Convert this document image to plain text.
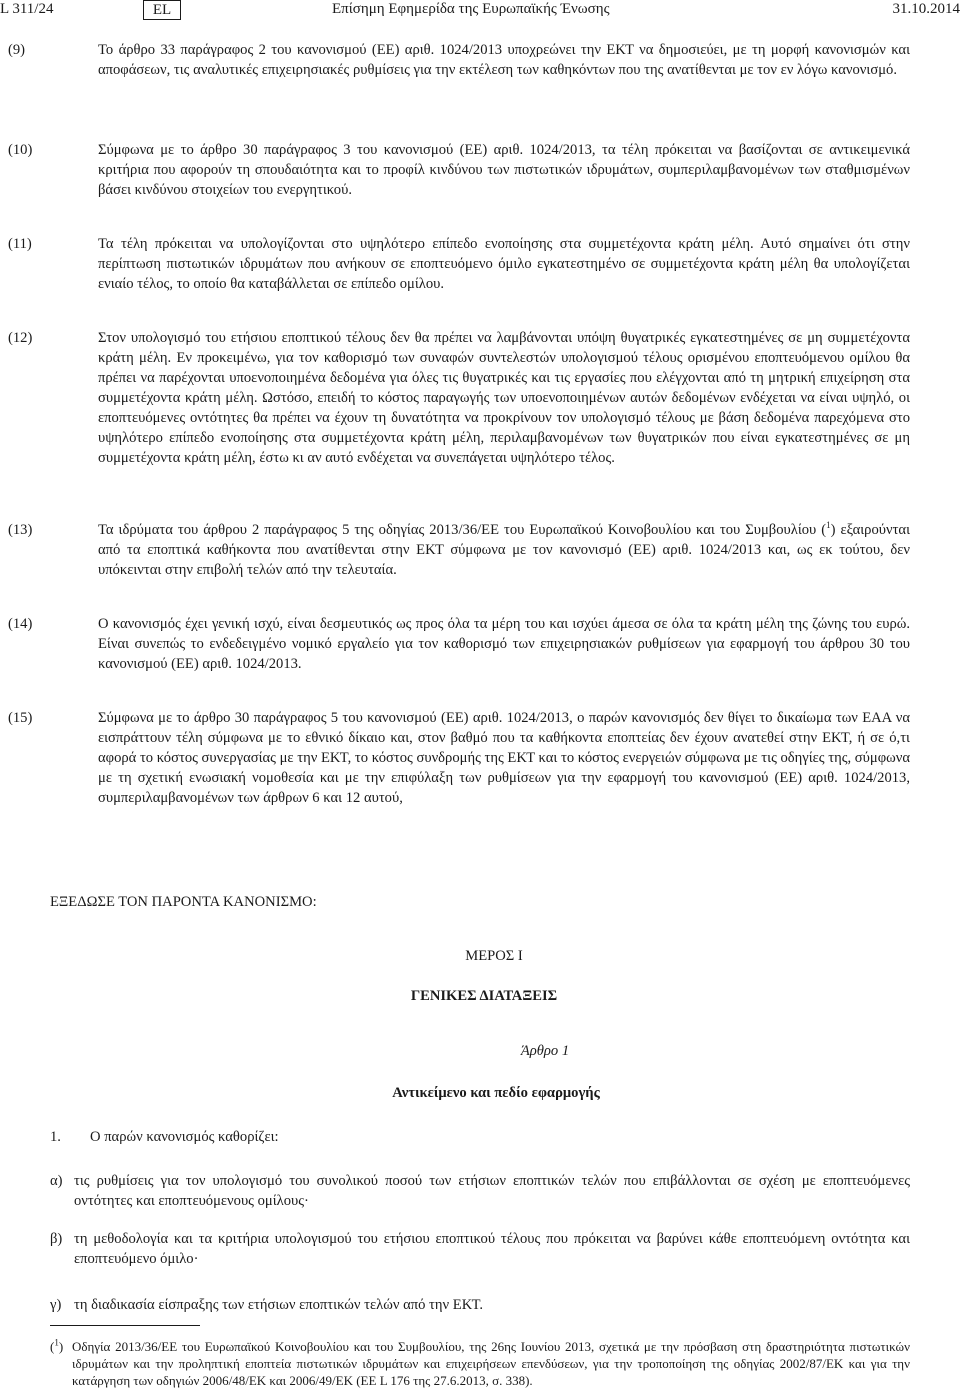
L 311/24	EL	Επίσημη Εφημερίδα της Ευρωπαϊκής Ένωσης	31.10.2014
(9)	Το άρθρο 33 παράγραφος 2 του κανονισμού (ΕΕ) αριθ. 1024/2013 υποχρεώνει την ΕΚΤ να δημοσιεύει, με τη μορφή κανονισμών και αποφάσεων, τις αναλυτικές επιχειρησιακές ρυθμίσεις για την εκτέλεση των καθηκόντων που της ανατίθενται με τον εν λόγω κανονισμό.
(10)	Σύμφωνα με το άρθρο 30 παράγραφος 3 του κανονισμού (ΕΕ) αριθ. 1024/2013, τα τέλη πρόκειται να βασίζονται σε αντικειμενικά κριτήρια που αφορούν τη σπουδαιότητα και το προφίλ κινδύνου των πιστωτικών ιδρυμάτων, συμπεριλαμβανομένων των σταθμισμένων βάσει κινδύνου στοιχείων του ενεργητικού.
(11)	Τα τέλη πρόκειται να υπολογίζονται στο υψηλότερο επίπεδο ενοποίησης στα συμμετέχοντα κράτη μέλη. Αυτό σημαίνει ότι στην περίπτωση πιστωτικών ιδρυμάτων που ανήκουν σε εποπτευόμενο όμιλο εγκατεστημένο σε συμμετέχοντα κράτη μέλη θα υπολογίζεται ενιαίο τέλος, το οποίο θα καταβάλλεται σε επίπεδο ομίλου.
(12)	Στον υπολογισμό του ετήσιου εποπτικού τέλους δεν θα πρέπει να λαμβάνονται υπόψη θυγατρικές εγκατεστημένες σε μη συμμετέχοντα κράτη μέλη. Εν προκειμένω, για τον καθορισμό των συναφών συντελεστών υπολογισμού τέλους ορισμένου εποπτευόμενου ομίλου θα πρέπει να παρέχονται υποενοποιημένα δεδομένα για όλες τις θυγατρικές και τις εργασίες που ελέγχονται από τη μητρική επιχείρηση στα συμμετέχοντα κράτη μέλη. Ωστόσο, επειδή το κόστος παραγωγής των υποενοποιημένων αυτών δεδομένων ενδέχεται να είναι υψηλό, οι εποπτευόμενες οντότητες θα πρέπει να έχουν τη δυνατότητα να προκρίνουν τον υπολογισμό τέλους με βάση δεδομένα παρεχόμενα στο υψηλότερο επίπεδο ενοποίησης στα συμμετέχοντα κράτη μέλη, περιλαμβανομένων των θυγατρικών που είναι εγκατεστημένες σε μη συμμετέχοντα κράτη μέλη, έστω κι αν αυτό ενδέχεται να συνεπάγεται υψηλότερο τέλος.
(13)	Τα ιδρύματα του άρθρου 2 παράγραφος 5 της οδηγίας 2013/36/ΕΕ του Ευρωπαϊκού Κοινοβουλίου και του Συμβουλίου ($^1$) εξαιρούνται από τα εποπτικά καθήκοντα που ανατίθενται στην ΕΚΤ σύμφωνα με τον κανονισμό (ΕΕ) αριθ. 1024/2013 και, ως εκ τούτου, δεν υπόκεινται στην επιβολή τελών από την τελευταία.
(14)	Ο κανονισμός έχει γενική ισχύ, είναι δεσμευτικός ως προς όλα τα μέρη του και ισχύει άμεσα σε όλα τα κράτη μέλη της ζώνης του ευρώ. Είναι συνεπώς το ενδεδειγμένο νομικό εργαλείο για τον καθορισμό των επιχειρησιακών ρυθμίσεων για εφαρμογή του άρθρου 30 του κανονισμού (ΕΕ) αριθ. 1024/2013.
(15)	Σύμφωνα με το άρθρο 30 παράγραφος 5 του κανονισμού (ΕΕ) αριθ. 1024/2013, ο παρών κανονισμός δεν θίγει το δικαίωμα των ΕΑΑ να εισπράττουν τέλη σύμφωνα με το εθνικό δίκαιο και, στον βαθμό που τα καθήκοντα εποπτείας δεν έχουν ανατεθεί στην ΕΚΤ, ή σε ό,τι αφορά το κόστος συνεργασίας με την ΕΚΤ, το κόστος συνδρομής της ΕΚΤ και το κόστος ενεργειών σύμφωνα με τις οδηγίες της, σύμφωνα με τη σχετική ενωσιακή νομοθεσία και με την επιφύλαξη των ρυθμίσεων για την εφαρμογή του κανονισμού (ΕΕ) αριθ. 1024/2013, συμπεριλαμβανομένων των άρθρων 6 και 12 αυτού,
ΕΞΕΔΩΣΕ ΤΟΝ ΠΑΡΟΝΤΑ ΚΑΝΟΝΙΣΜΟ:
ΜΕΡΟΣ Ι
ΓΕΝΙΚΕΣ ΔΙΑΤΑΞΕΙΣ
Άρθρο 1
Αντικείμενο και πεδίο εφαρμογής
1. Ο παρών κανονισμός καθορίζει:
α) τις ρυθμίσεις για τον υπολογισμό του συνολικού ποσού των ετήσιων εποπτικών τελών που επιβάλλονται σε σχέση με εποπτευόμενες οντότητες και εποπτευόμενους ομίλους·
β) τη μεθοδολογία και τα κριτήρια υπολογισμού του ετήσιου εποπτικού τέλους που πρόκειται να βαρύνει κάθε εποπτευόμενη οντότητα και εποπτευόμενο όμιλο·
γ) τη διαδικασία είσπραξης των ετήσιων εποπτικών τελών από την ΕΚΤ.
($^1$) Οδηγία 2013/36/ΕΕ του Ευρωπαϊκού Κοινοβουλίου και του Συμβουλίου, της 26ης Ιουνίου 2013, σχετικά με την πρόσβαση στη δραστηριότητα πιστωτικών ιδρυμάτων και την προληπτική εποπτεία πιστωτικών ιδρυμάτων και επιχειρήσεων επενδύσεων, για την τροποποίηση της οδηγίας 2002/87/ΕΚ και για την κατάργηση των οδηγιών 2006/48/ΕΚ και 2006/49/ΕΚ (ΕΕ L 176 της 27.6.2013, σ. 338).
